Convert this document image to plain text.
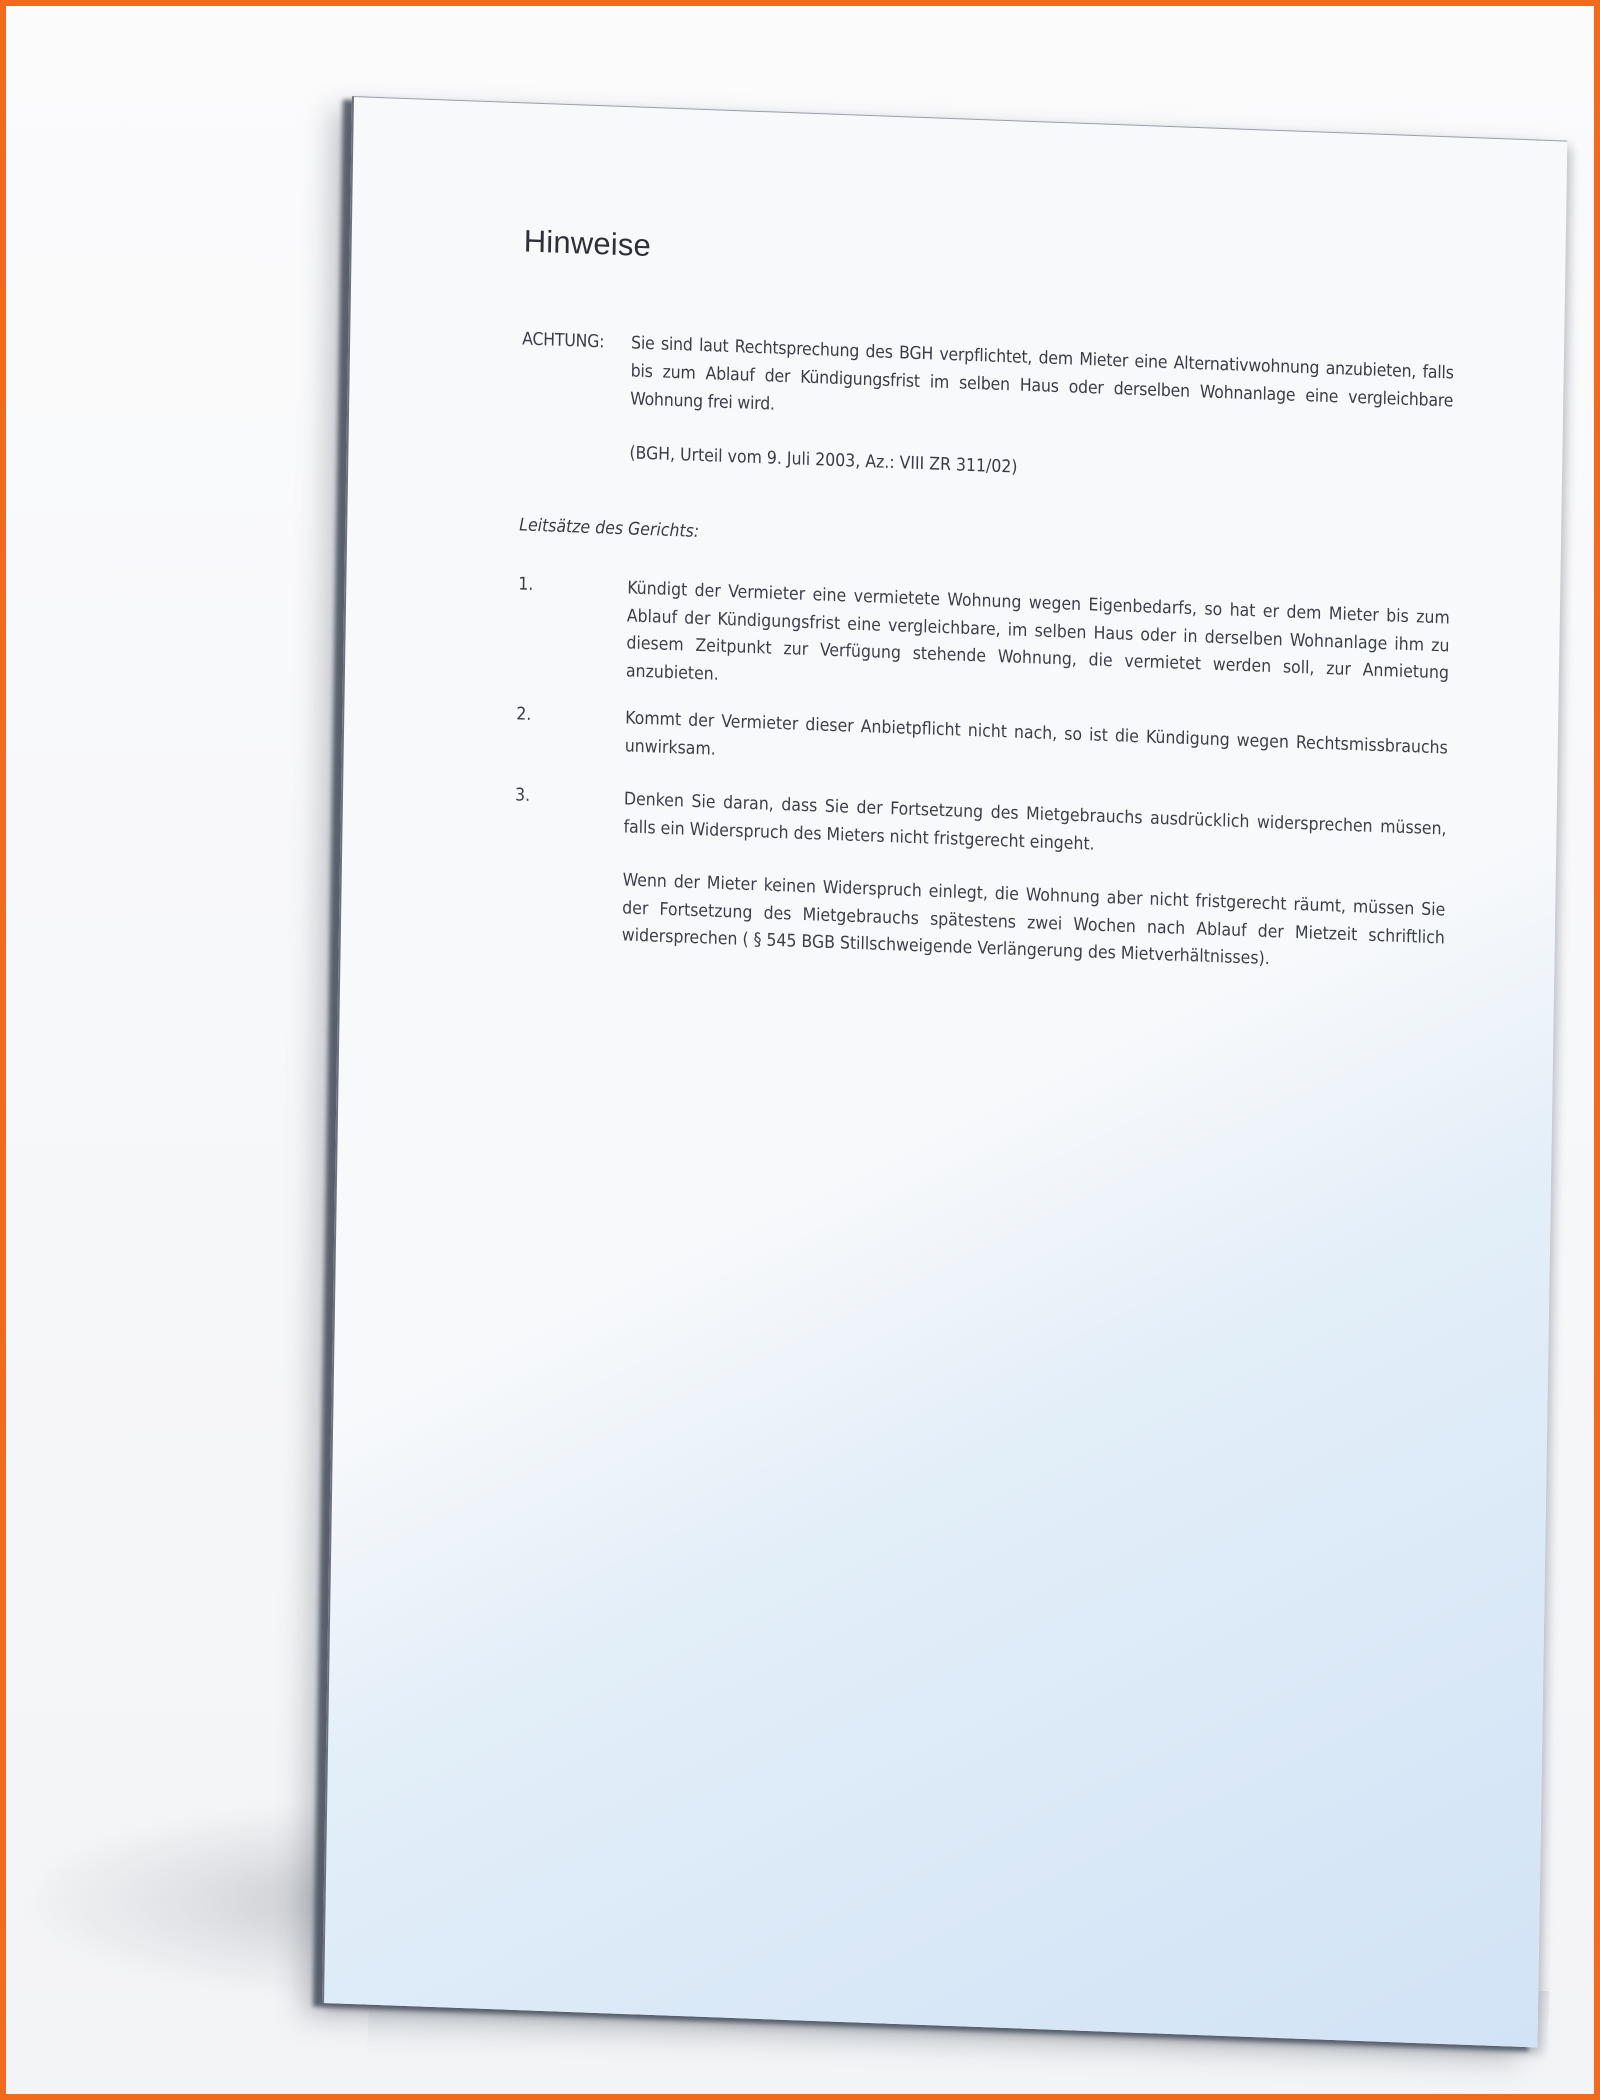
Hinweise
ACHTUNG:	Sie sind laut Rechtsprechung des BGH verpflichtet, dem Mieter eine Alternativwohnung anzubieten, falls bis zum Ablauf der Kündigungsfrist im selben Haus oder derselben Wohnanlage eine vergleichbare Wohnung frei wird.
(BGH, Urteil vom 9. Juli 2003, Az.: VIII ZR 311/02)
Leitsätze des Gerichts:
1.	Kündigt der Vermieter eine vermietete Wohnung wegen Eigenbedarfs, so hat er dem Mieter bis zum Ablauf der Kündigungsfrist eine vergleichbare, im selben Haus oder in derselben Wohnanlage ihm zu diesem Zeitpunkt zur Verfügung stehende Wohnung, die vermietet werden soll, zur Anmietung anzubieten.

2.	Kommt der Vermieter dieser Anbietpflicht nicht nach, so ist die Kündigung wegen Rechtsmissbrauchs unwirksam.

3.	Denken Sie daran, dass Sie der Fortsetzung des Mietgebrauchs ausdrücklich widersprechen müssen, falls ein Widerspruch des Mieters nicht fristgerecht eingeht.

Wenn der Mieter keinen Widerspruch einlegt, die Wohnung aber nicht fristgerecht räumt, müssen Sie der Fortsetzung des Mietgebrauchs spätestens zwei Wochen nach Ablauf der Mietzeit schriftlich widersprechen ( § 545 BGB Stillschweigende Verlängerung des Mietverhältnisses).
